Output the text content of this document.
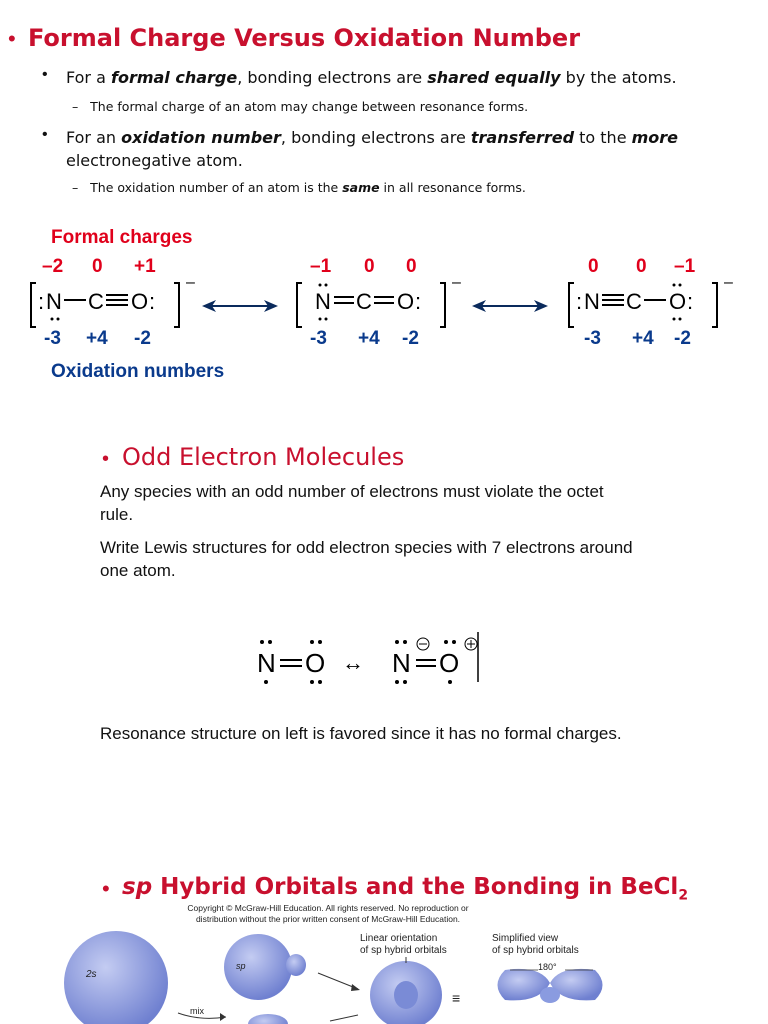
• Formal Charge Versus Oxidation Number
• For a formal charge, bonding electrons are shared equally by the atoms.
–   The formal charge of an atom may change between resonance forms.
• For an oxidation number, bonding electrons are transferred to the more
electronegative atom.
–   The oxidation number of an atom is the same in all resonance forms.
Formal charges
–2 0 +1
: N C O :
–
-3 +4 -2
–1 0 0
N C O :
–
-3 +4 -2
0 0 –1
: N C O :
–
-3 +4 -2
Oxidation numbers
• Odd Electron Molecules
Any species with an odd number of electrons must violate the octet rule.
Write Lewis structures for odd electron species with 7 electrons around one atom.
N O ↔ N O
Resonance structure on left is favored since it has no formal charges.
• sp Hybrid Orbitals and the Bonding in BeCl$_2$
Copyright © McGraw-Hill Education. All rights reserved. No reproduction or
distribution without the prior written consent of McGraw-Hill Education.
2s
sp
mix
Linear orientation
of sp hybrid orbitals
≡
Simplified view
of sp hybrid orbitals
180°
